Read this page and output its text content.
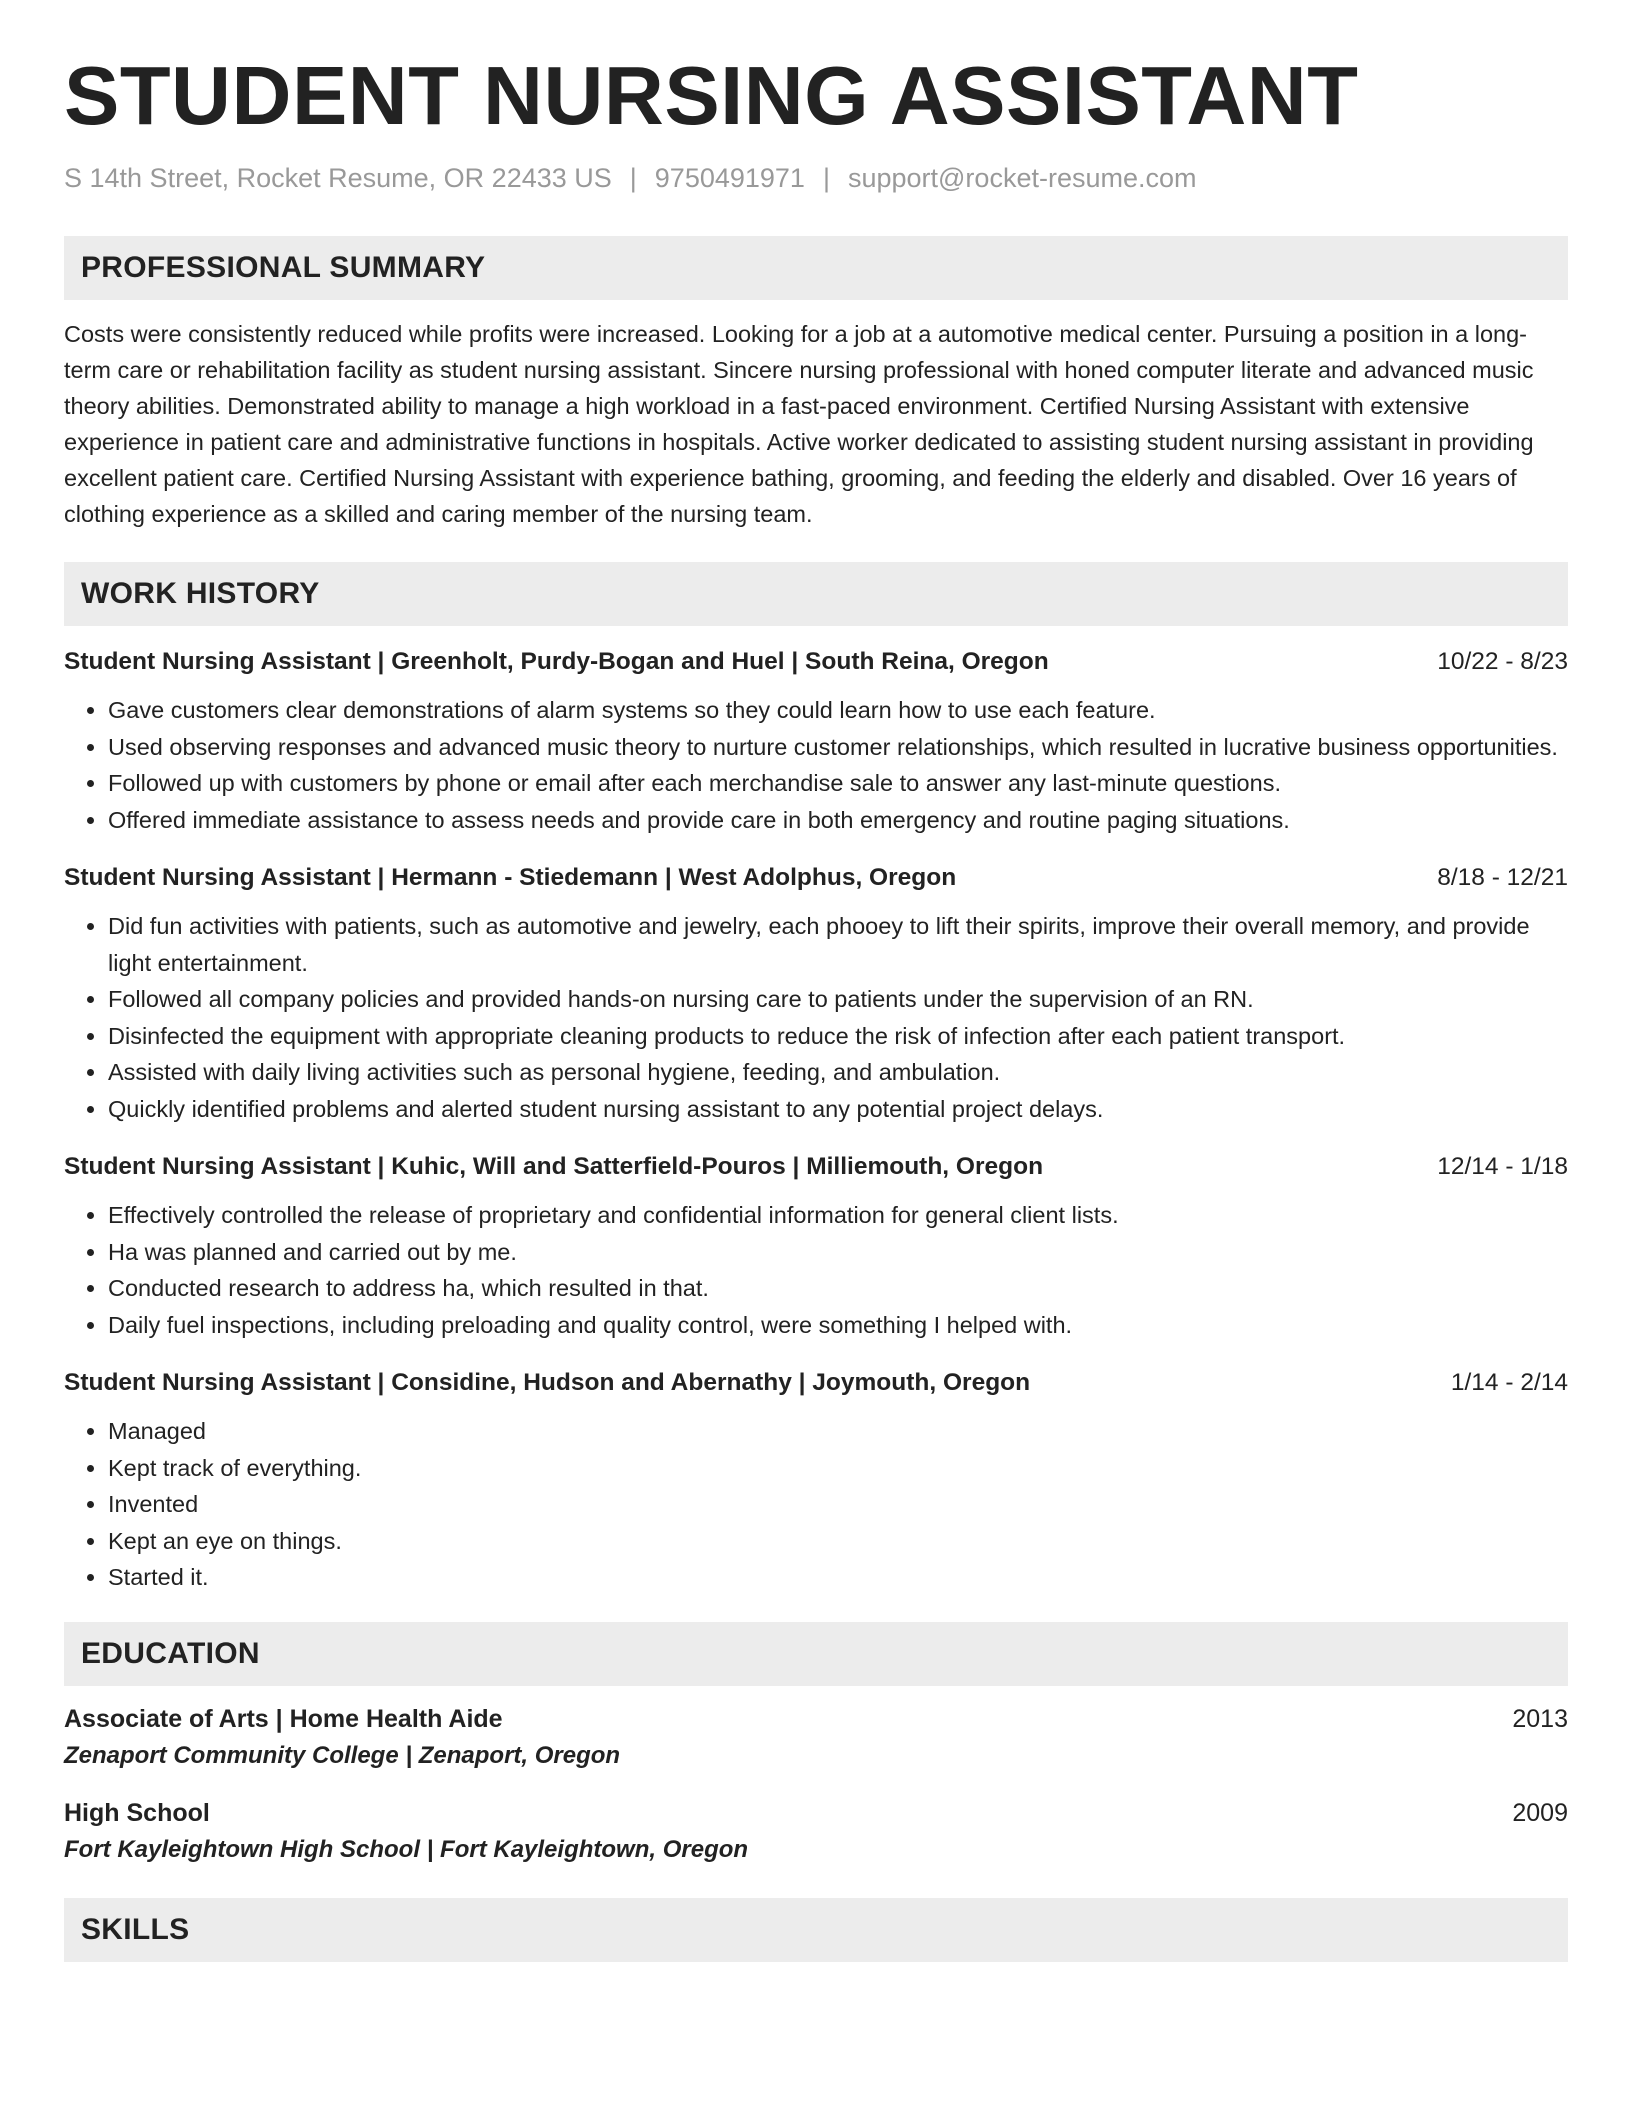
STUDENT NURSING ASSISTANT
S 14th Street, Rocket Resume, OR 22433 US | 9750491971 | support@rocket-resume.com
PROFESSIONAL SUMMARY

Costs were consistently reduced while profits were increased. Looking for a job at a automotive medical center. Pursuing a position in a long-term care or rehabilitation facility as student nursing assistant. Sincere nursing professional with honed computer literate and advanced music theory abilities. Demonstrated ability to manage a high workload in a fast-paced environment. Certified Nursing Assistant with extensive experience in patient care and administrative functions in hospitals. Active worker dedicated to assisting student nursing assistant in providing excellent patient care. Certified Nursing Assistant with experience bathing, grooming, and feeding the elderly and disabled. Over 16 years of clothing experience as a skilled and caring member of the nursing team.

WORK HISTORY
Student Nursing Assistant | Greenholt, Purdy-Bogan and Huel | South Reina, Oregon	10/22 - 8/23
• Gave customers clear demonstrations of alarm systems so they could learn how to use each feature.
• Used observing responses and advanced music theory to nurture customer relationships, which resulted in lucrative business opportunities.
• Followed up with customers by phone or email after each merchandise sale to answer any last-minute questions.
• Offered immediate assistance to assess needs and provide care in both emergency and routine paging situations.
Student Nursing Assistant | Hermann - Stiedemann | West Adolphus, Oregon	8/18 - 12/21
• Did fun activities with patients, such as automotive and jewelry, each phooey to lift their spirits, improve their overall memory, and provide light entertainment.
• Followed all company policies and provided hands-on nursing care to patients under the supervision of an RN.
• Disinfected the equipment with appropriate cleaning products to reduce the risk of infection after each patient transport.
• Assisted with daily living activities such as personal hygiene, feeding, and ambulation.
• Quickly identified problems and alerted student nursing assistant to any potential project delays.
Student Nursing Assistant | Kuhic, Will and Satterfield-Pouros | Milliemouth, Oregon	12/14 - 1/18
• Effectively controlled the release of proprietary and confidential information for general client lists.
• Ha was planned and carried out by me.
• Conducted research to address ha, which resulted in that.
• Daily fuel inspections, including preloading and quality control, were something I helped with.
Student Nursing Assistant | Considine, Hudson and Abernathy | Joymouth, Oregon	1/14 - 2/14
• Managed
• Kept track of everything.
• Invented
• Kept an eye on things.
• Started it.
EDUCATION
Associate of Arts | Home Health Aide	2013
Zenaport Community College | Zenaport, Oregon
High School	2009
Fort Kayleightown High School | Fort Kayleightown, Oregon
SKILLS
